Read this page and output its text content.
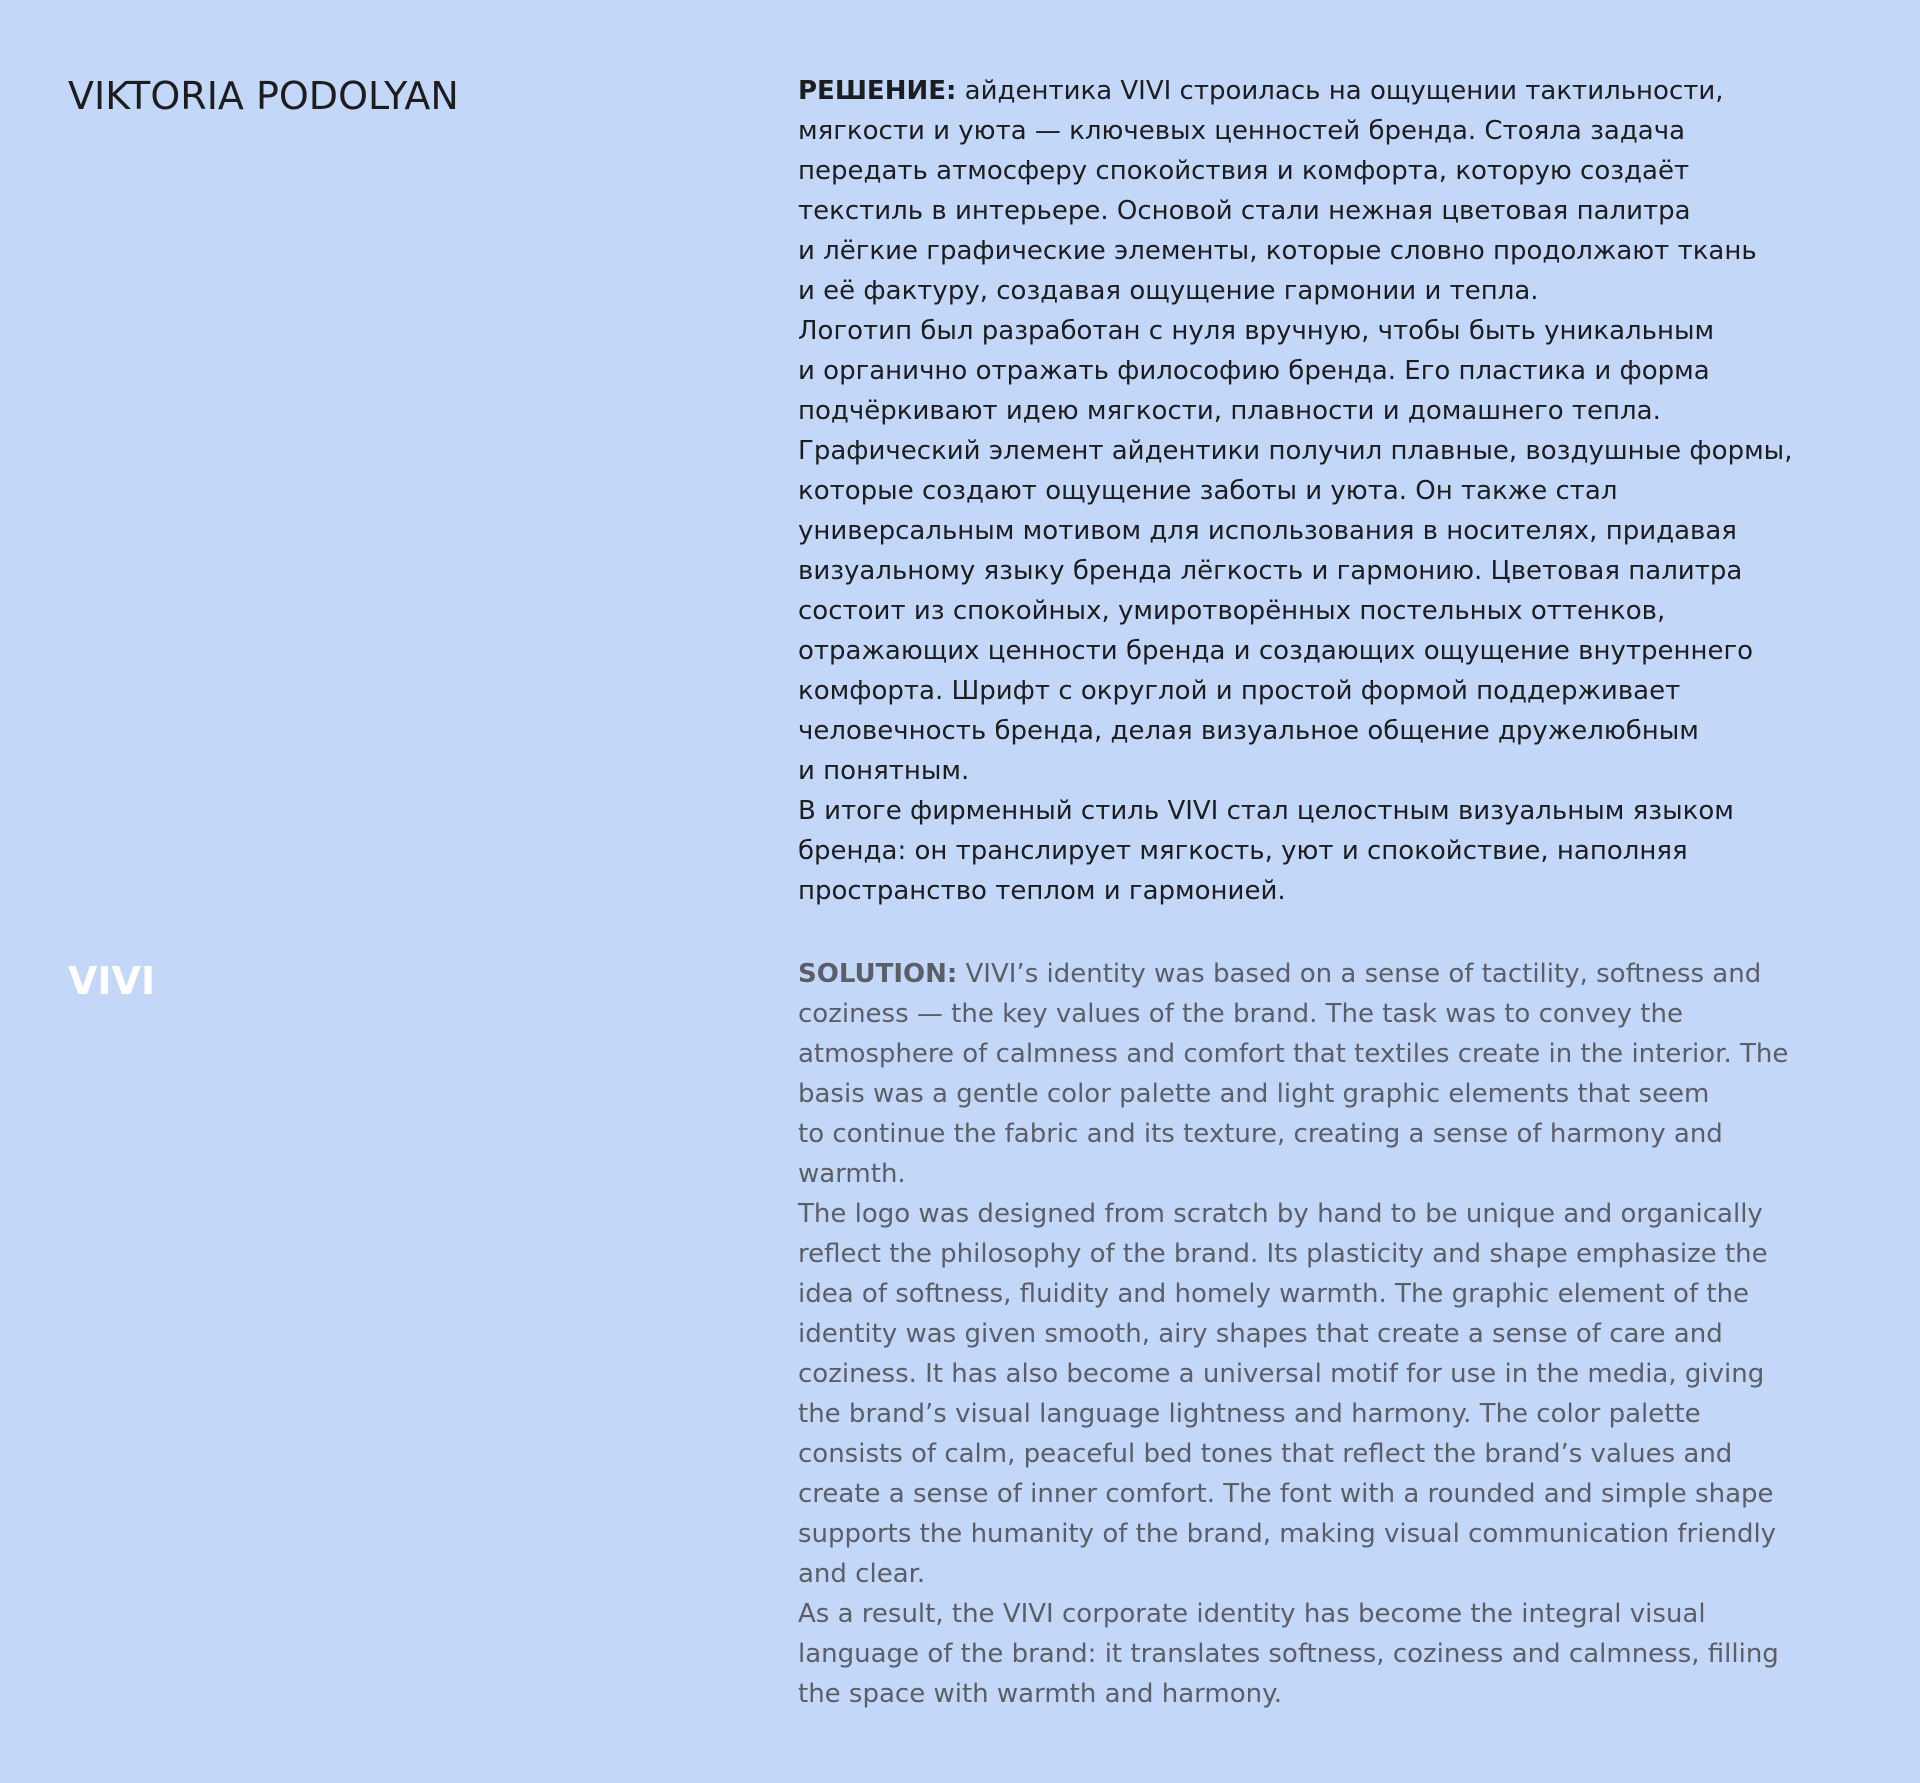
VIKTORIA PODOLYAN
VIVI
РЕШЕНИЕ: айдентика VIVI строилась на ощущении тактильности,
мягкости и уюта — ключевых ценностей бренда. Стояла задача
передать атмосферу спокойствия и комфорта, которую создаёт
текстиль в интерьере. Основой стали нежная цветовая палитра
и лёгкие графические элементы, которые словно продолжают ткань
и её фактуру, создавая ощущение гармонии и тепла.
Логотип был разработан с нуля вручную, чтобы быть уникальным
и органично отражать философию бренда. Его пластика и форма
подчёркивают идею мягкости, плавности и домашнего тепла.
Графический элемент айдентики получил плавные, воздушные формы,
которые создают ощущение заботы и уюта. Он также стал
универсальным мотивом для использования в носителях, придавая
визуальному языку бренда лёгкость и гармонию. Цветовая палитра
состоит из спокойных, умиротворённых постельных оттенков,
отражающих ценности бренда и создающих ощущение внутреннего
комфорта. Шрифт с округлой и простой формой поддерживает
человечность бренда, делая визуальное общение дружелюбным
и понятным.
В итоге фирменный стиль VIVI стал целостным визуальным языком
бренда: он транслирует мягкость, уют и спокойствие, наполняя
пространство теплом и гармонией.
SOLUTION: VIVI’s identity was based on a sense of tactility, softness and
coziness — the key values of the brand. The task was to convey the
atmosphere of calmness and comfort that textiles create in the interior. The
basis was a gentle color palette and light graphic elements that seem
to continue the fabric and its texture, creating a sense of harmony and
warmth.
The logo was designed from scratch by hand to be unique and organically
reflect the philosophy of the brand. Its plasticity and shape emphasize the
idea of softness, fluidity and homely warmth. The graphic element of the
identity was given smooth, airy shapes that create a sense of care and
coziness. It has also become a universal motif for use in the media, giving
the brand’s visual language lightness and harmony. The color palette
consists of calm, peaceful bed tones that reflect the brand’s values and
create a sense of inner comfort. The font with a rounded and simple shape
supports the humanity of the brand, making visual communication friendly
and clear.
As a result, the VIVI corporate identity has become the integral visual
language of the brand: it translates softness, coziness and calmness, filling
the space with warmth and harmony.
